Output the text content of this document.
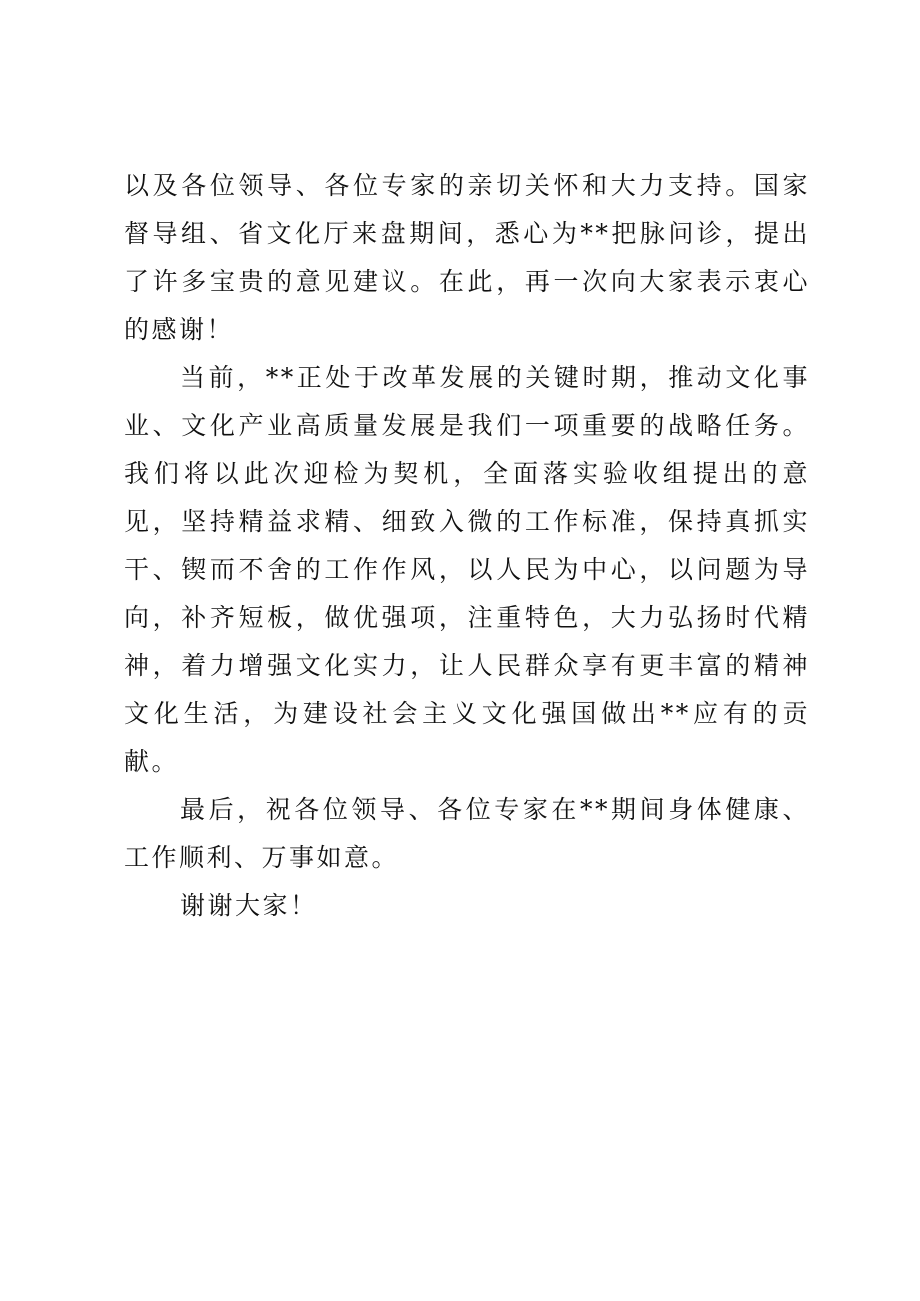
以及各位领导、各位专家的亲切关怀和大力支持。国家督导组、省文化厅来盘期间，悉心为**把脉问诊，提出了许多宝贵的意见建议。在此，再一次向大家表示衷心的感谢！

当前，**正处于改革发展的关键时期，推动文化事业、文化产业高质量发展是我们一项重要的战略任务。我们将以此次迎检为契机，全面落实验收组提出的意见，坚持精益求精、细致入微的工作标准，保持真抓实干、锲而不舍的工作作风，以人民为中心，以问题为导向，补齐短板，做优强项，注重特色，大力弘扬时代精神，着力增强文化实力，让人民群众享有更丰富的精神文化生活，为建设社会主义文化强国做出**应有的贡献。

最后，祝各位领导、各位专家在**期间身体健康、工作顺利、万事如意。

谢谢大家！
